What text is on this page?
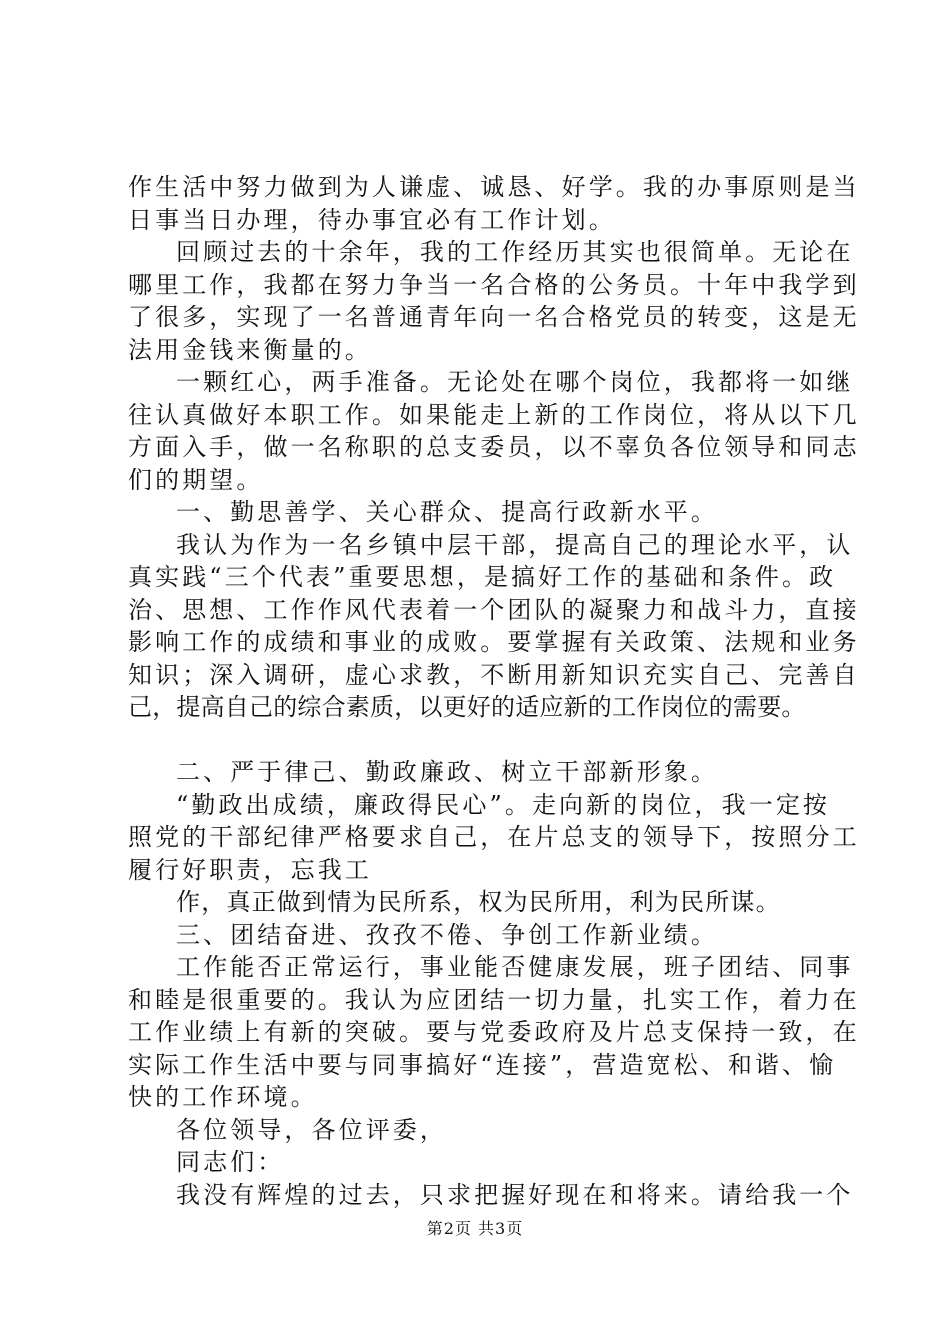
作生活中努力做到为人谦虚、诚恳、好学。我的办事原则是当
日事当日办理，待办事宜必有工作计划。
回顾过去的十余年，我的工作经历其实也很简单。无论在
哪里工作，我都在努力争当一名合格的公务员。十年中我学到
了很多，实现了一名普通青年向一名合格党员的转变，这是无
法用金钱来衡量的。
一颗红心，两手准备。无论处在哪个岗位，我都将一如继
往认真做好本职工作。如果能走上新的工作岗位，将从以下几
方面入手，做一名称职的总支委员，以不辜负各位领导和同志
们的期望。
一、勤思善学、关心群众、提高行政新水平。
我认为作为一名乡镇中层干部，提高自己的理论水平，认
真实践“三个代表”重要思想，是搞好工作的基础和条件。政
治、思想、工作作风代表着一个团队的凝聚力和战斗力，直接
影响工作的成绩和事业的成败。要掌握有关政策、法规和业务
知识；深入调研，虚心求教，不断用新知识充实自己、完善自
己，提高自己的综合素质，以更好的适应新的工作岗位的需要。
二、严于律己、勤政廉政、树立干部新形象。
“勤政出成绩，廉政得民心”。走向新的岗位，我一定按
照党的干部纪律严格要求自己，在片总支的领导下，按照分工
履行好职责，忘我工
作，真正做到情为民所系，权为民所用，利为民所谋。
三、团结奋进、孜孜不倦、争创工作新业绩。
工作能否正常运行，事业能否健康发展，班子团结、同事
和睦是很重要的。我认为应团结一切力量，扎实工作，着力在
工作业绩上有新的突破。要与党委政府及片总支保持一致，在
实际工作生活中要与同事搞好“连接”，营造宽松、和谐、愉
快的工作环境。
各位领导，各位评委，
同志们：
我没有辉煌的过去，只求把握好现在和将来。请给我一个
第2页 共3页
